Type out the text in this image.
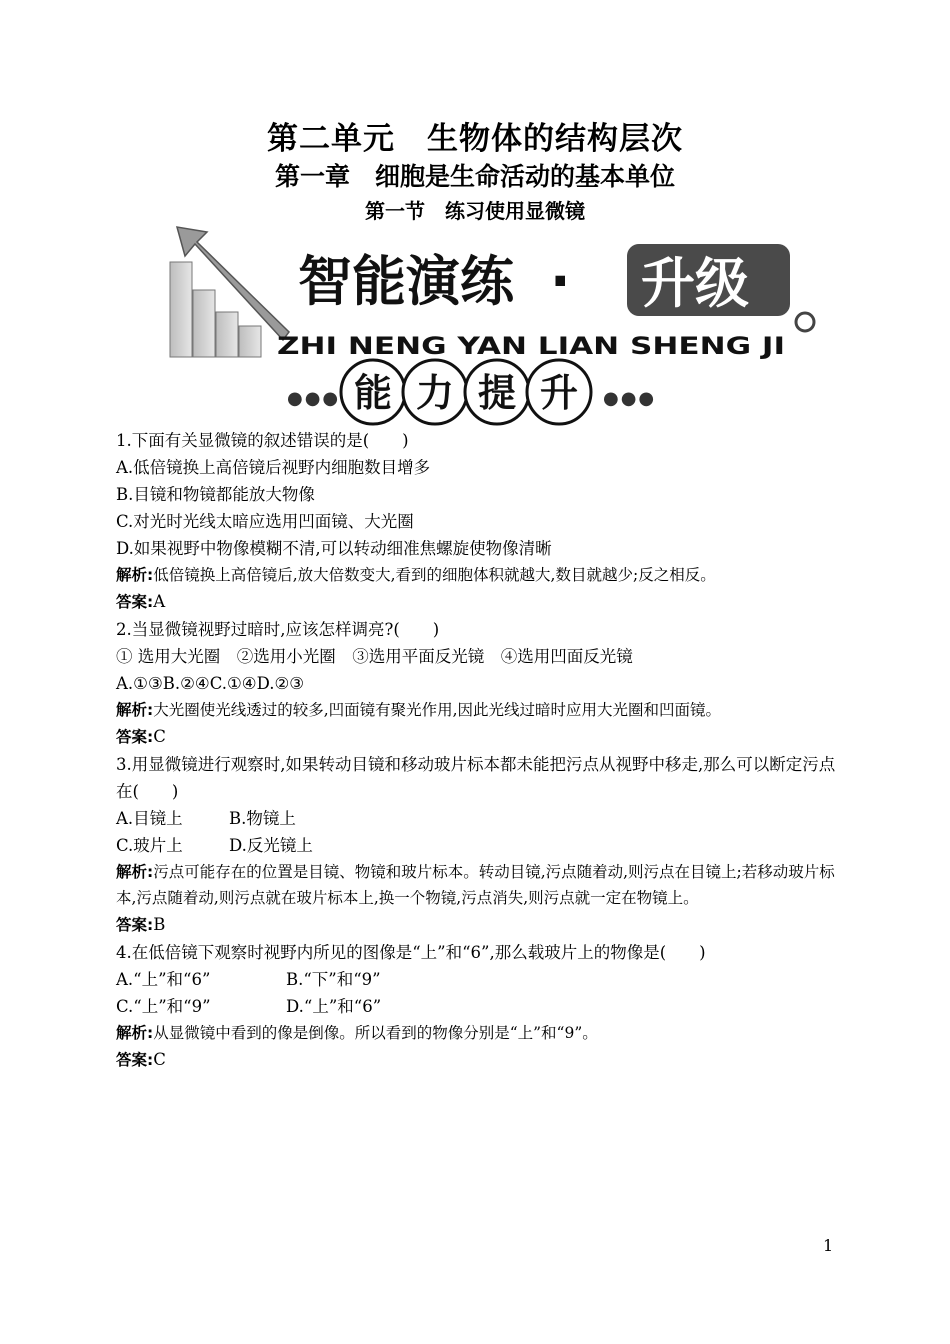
第二单元　生物体的结构层次
第一章　细胞是生命活动的基本单位
第一节　练习使用显微镜
智能演练 · 升级
ZHI NENG YAN LIAN SHENG JI
●●● 能 力 提 升 ●●●
1.下面有关显微镜的叙述错误的是(　　)
A.低倍镜换上高倍镜后视野内细胞数目增多
B.目镜和物镜都能放大物像
C.对光时光线太暗应选用凹面镜、大光圈
D.如果视野中物像模糊不清,可以转动细准焦螺旋使物像清晰
解析:低倍镜换上高倍镜后,放大倍数变大,看到的细胞体积就越大,数目就越少;反之相反。
答案:A
2.当显微镜视野过暗时,应该怎样调亮?(　　)
① 选用大光圈　②选用小光圈　③选用平面反光镜　④选用凹面反光镜
A.①③B.②④C.①④D.②③
解析:大光圈使光线透过的较多,凹面镜有聚光作用,因此光线过暗时应用大光圈和凹面镜。
答案:C
3.用显微镜进行观察时,如果转动目镜和移动玻片标本都未能把污点从视野中移走,那么可以断定污点在(　　)
A.目镜上	B.物镜上
C.玻片上	D.反光镜上
解析:污点可能存在的位置是目镜、物镜和玻片标本。转动目镜,污点随着动,则污点在目镜上;若移动玻片标本,污点随着动,则污点就在玻片标本上,换一个物镜,污点消失,则污点就一定在物镜上。
答案:B
4.在低倍镜下观察时视野内所见的图像是“上”和“6”,那么载玻片上的物像是(　　)
A.“上”和“6”	B.“下”和“9”
C.“上”和“9”	D.“上”和“6”
解析:从显微镜中看到的像是倒像。所以看到的物像分别是“上”和“9”。
答案:C
1
